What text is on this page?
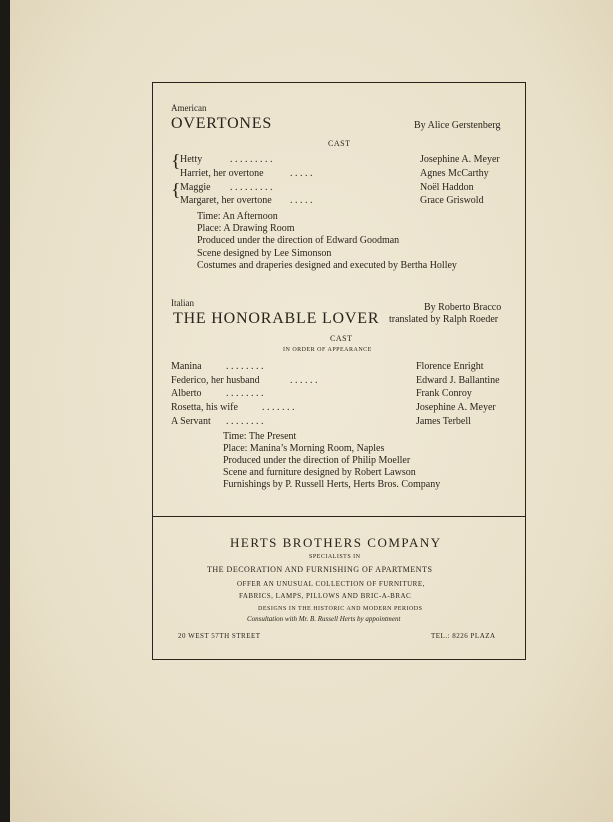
American
OVERTONES	By Alice Gerstenberg
CAST
{
{
Hetty	. . . . . . . . .	Josephine A. Meyer
Harriet, her overtone	. . . . .	Agnes McCarthy
Maggie . . . . . . . . .	Noël Haddon
Margaret, her overtone . . . . .	Grace Griswold
Time: An Afternoon
Place: A Drawing Room
Produced under the direction of Edward Goodman
Scene designed by Lee Simonson
Costumes and draperies designed and executed by Bertha Holley
Italian	By Roberto Bracco
THE HONORABLE LOVER translated by Ralph Roeder
CAST
IN ORDER OF APPEARANCE
Manina . . . . . . . .	Florence Enright
Federico, her husband	. . . . . .	Edward J. Ballantine
Alberto . . . . . . . .	Frank Conroy
Rosetta, his wife . . . . . . .	Josephine A. Meyer
A Servant . . . . . . . .	James Terbell
Time: The Present
Place: Manina’s Morning Room, Naples
Produced under the direction of Philip Moeller
Scene and furniture designed by Robert Lawson
Furnishings by P. Russell Herts, Herts Bros. Company
HERTS BROTHERS COMPANY
SPECIALISTS IN
THE DECORATION AND FURNISHING OF APARTMENTS
OFFER AN UNUSUAL COLLECTION OF FURNITURE,
FABRICS, LAMPS, PILLOWS AND BRIC-A-BRAC
DESIGNS IN THE HISTORIC AND MODERN PERIODS
Consultation with Mr. B. Russell Herts by appointment
20 WEST 57TH STREET	TEL.: 8226 PLAZA
